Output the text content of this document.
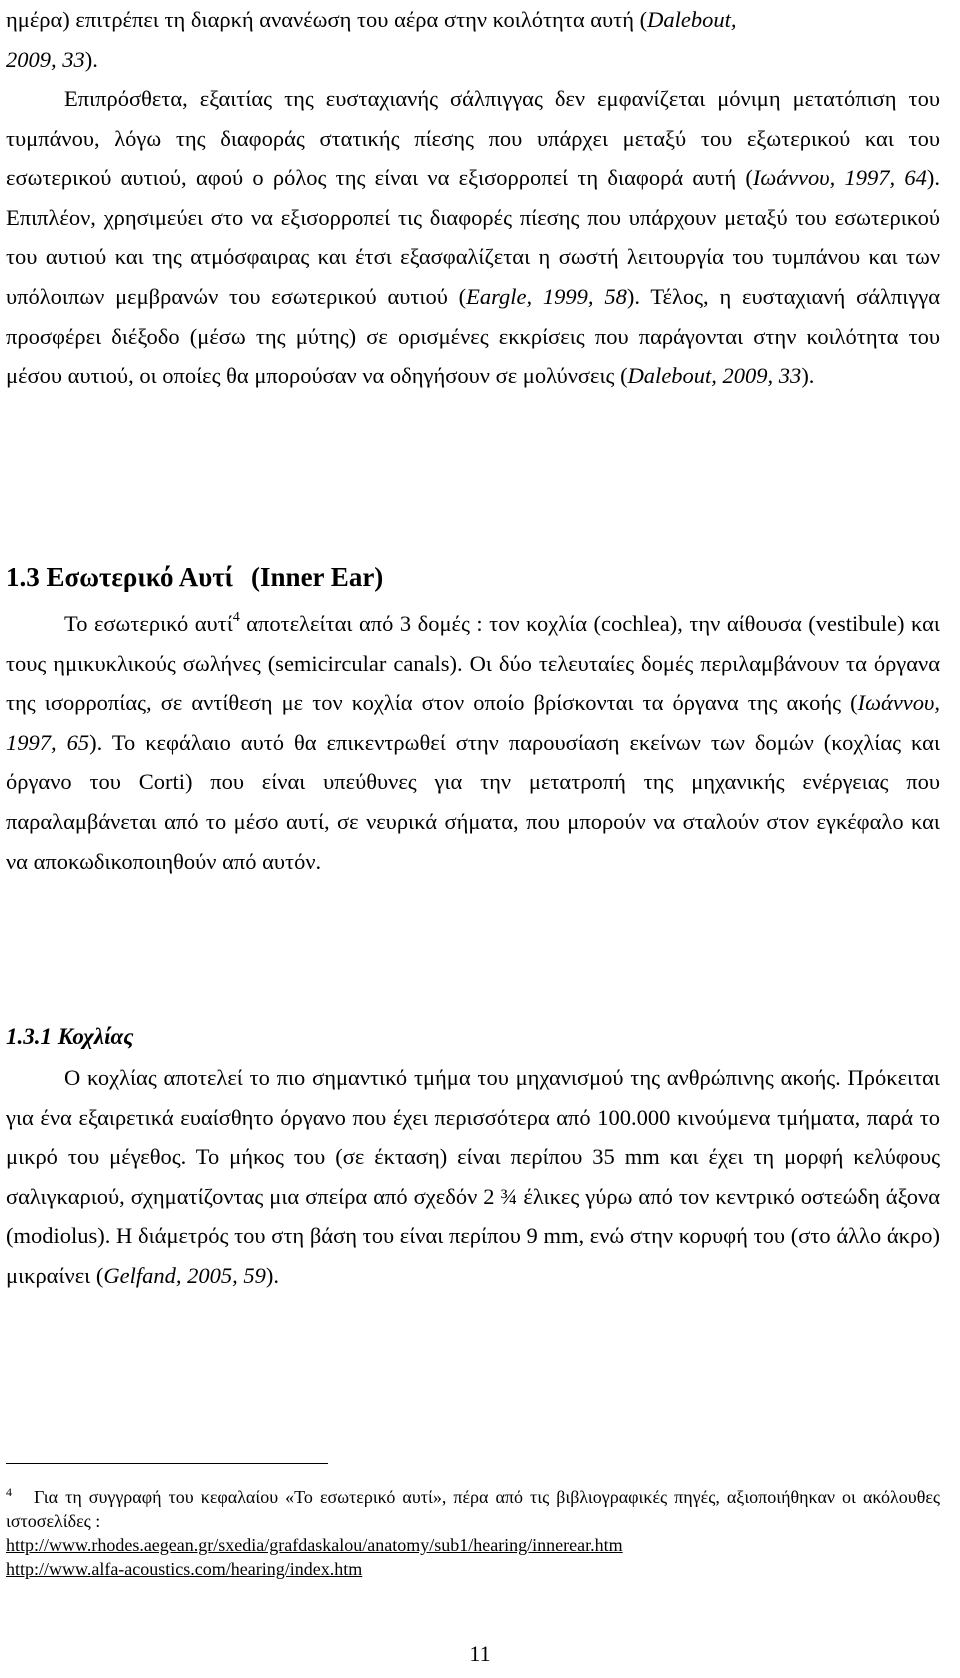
ημέρα) επιτρέπει τη διαρκή ανανέωση του αέρα στην κοιλότητα αυτή (Dalebout,
2009, 33).

Επιπρόσθετα, εξαιτίας της ευσταχιανής σάλπιγγας δεν εμφανίζεται μόνιμη μετατόπιση του τυμπάνου, λόγω της διαφοράς στατικής πίεσης που υπάρχει μεταξύ του εξωτερικού και του εσωτερικού αυτιού, αφού ο ρόλος της είναι να εξισορροπεί τη διαφορά αυτή (Ιωάννου, 1997, 64). Επιπλέον, χρησιμεύει στο να εξισορροπεί τις διαφορές πίεσης που υπάρχουν μεταξύ του εσωτερικού του αυτιού και της ατμόσφαιρας και έτσι εξασφαλίζεται η σωστή λειτουργία του τυμπάνου και των υπόλοιπων μεμβρανών του εσωτερικού αυτιού (Eargle, 1999, 58). Τέλος, η ευσταχιανή σάλπιγγα προσφέρει διέξοδο (μέσω της μύτης) σε ορισμένες εκκρίσεις που παράγονται στην κοιλότητα του μέσου αυτιού, οι οποίες θα μπορούσαν να οδηγήσουν σε μολύνσεις (Dalebout, 2009, 33).

1.3 Εσωτερικό Αυτί (Inner Ear)

Το εσωτερικό αυτί$^4$ αποτελείται από 3 δομές : τον κοχλία (cochlea), την αίθουσα (vestibule) και τους ημικυκλικούς σωλήνες (semicircular canals). Οι δύο τελευταίες δομές περιλαμβάνουν τα όργανα της ισορροπίας, σε αντίθεση με τον κοχλία στον οποίο βρίσκονται τα όργανα της ακοής (Ιωάννου, 1997, 65). Το κεφάλαιο αυτό θα επικεντρωθεί στην παρουσίαση εκείνων των δομών (κοχλίας και όργανο του Corti) που είναι υπεύθυνες για την μετατροπή της μηχανικής ενέργειας που παραλαμβάνεται από το μέσο αυτί, σε νευρικά σήματα, που μπορούν να σταλούν στον εγκέφαλο και να αποκωδικοποιηθούν από αυτόν.

1.3.1 Κοχλίας

Ο κοχλίας αποτελεί το πιο σημαντικό τμήμα του μηχανισμού της ανθρώπινης ακοής. Πρόκειται για ένα εξαιρετικά ευαίσθητο όργανο που έχει περισσότερα από 100.000 κινούμενα τμήματα, παρά το μικρό του μέγεθος. Το μήκος του (σε έκταση) είναι περίπου 35 mm και έχει τη μορφή κελύφους σαλιγκαριού, σχηματίζοντας μια σπείρα από σχεδόν 2 ¾ έλικες γύρω από τον κεντρικό οστεώδη άξονα (modiolus). Η διάμετρός του στη βάση του είναι περίπου 9 mm, ενώ στην κορυφή του (στο άλλο άκρο) μικραίνει (Gelfand, 2005, 59).

$^4$ Για τη συγγραφή του κεφαλαίου «Το εσωτερικό αυτί», πέρα από τις βιβλιογραφικές πηγές, αξιοποιήθηκαν οι ακόλουθες ιστοσελίδες :
http://www.rhodes.aegean.gr/sxedia/grafdaskalou/anatomy/sub1/hearing/innerear.htm
http://www.alfa-acoustics.com/hearing/index.htm
11
